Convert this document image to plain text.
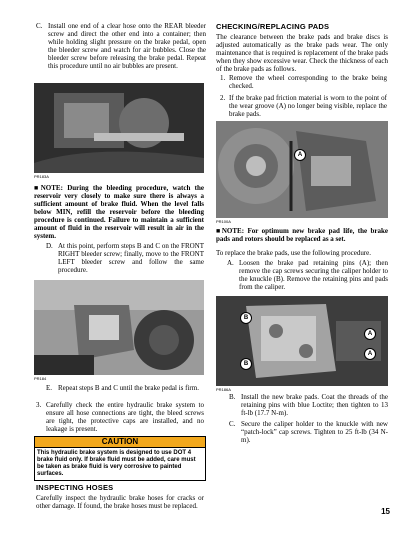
C. Install one end of a clear hose onto the REAR bleeder screw and direct the other end into a container; then while holding slight pressure on the brake pedal, open the bleeder screw and watch for air bubbles. Close the bleeder screw before releasing the brake pedal. Repeat this procedure until no air bubbles are present.
PR183A
■NOTE: During the bleeding procedure, watch the reservoir very closely to make sure there is always a sufficient amount of brake fluid. When the level falls below MIN, refill the reservoir before the bleeding procedure is continued. Failure to maintain a sufficient amount of fluid in the reservoir will result in air in the system.
D. At this point, perform steps B and C on the FRONT RIGHT bleeder screw; finally, move to the FRONT LEFT bleeder screw and follow the same procedure.
PR184
E. Repeat steps B and C until the brake pedal is firm.
3. Carefully check the entire hydraulic brake system to ensure all hose connections are tight, the bleed screws are tight, the protective caps are installed, and no leakage is present.
CAUTION
This hydraulic brake system is designed to use DOT 4 brake fluid only. If brake fluid must be added, care must be taken as brake fluid is very corrosive to painted surfaces.
INSPECTING HOSES
Carefully inspect the hydraulic brake hoses for cracks or other damage. If found, the brake hoses must be replaced.
CHECKING/REPLACING PADS
The clearance between the brake pads and brake discs is adjusted automatically as the brake pads wear. The only maintenance that is required is replacement of the brake pads when they show excessive wear. Check the thickness of each of the brake pads as follows.
1. Remove the wheel corresponding to the brake being checked.
2. If the brake pad friction material is worn to the point of the wear groove (A) no longer being visible, replace the brake pads.
A
PR100A
■NOTE: For optimum new brake pad life, the brake pads and rotors should be replaced as a set.
To replace the brake pads, use the following procedure.
A. Loosen the brake pad retaining pins (A); then remove the cap screws securing the caliper holder to the knuckle (B). Remove the retaining pins and pads from the caliper.
B
A
B
A
PR186A
B. Install the new brake pads. Coat the threads of the retaining pins with blue Loctite; then tighten to 13 ft-lb (17.7 N-m).
C. Secure the caliper holder to the knuckle with new “patch-lock” cap screws. Tighten to 25 ft-lb (34 N-m).
15
